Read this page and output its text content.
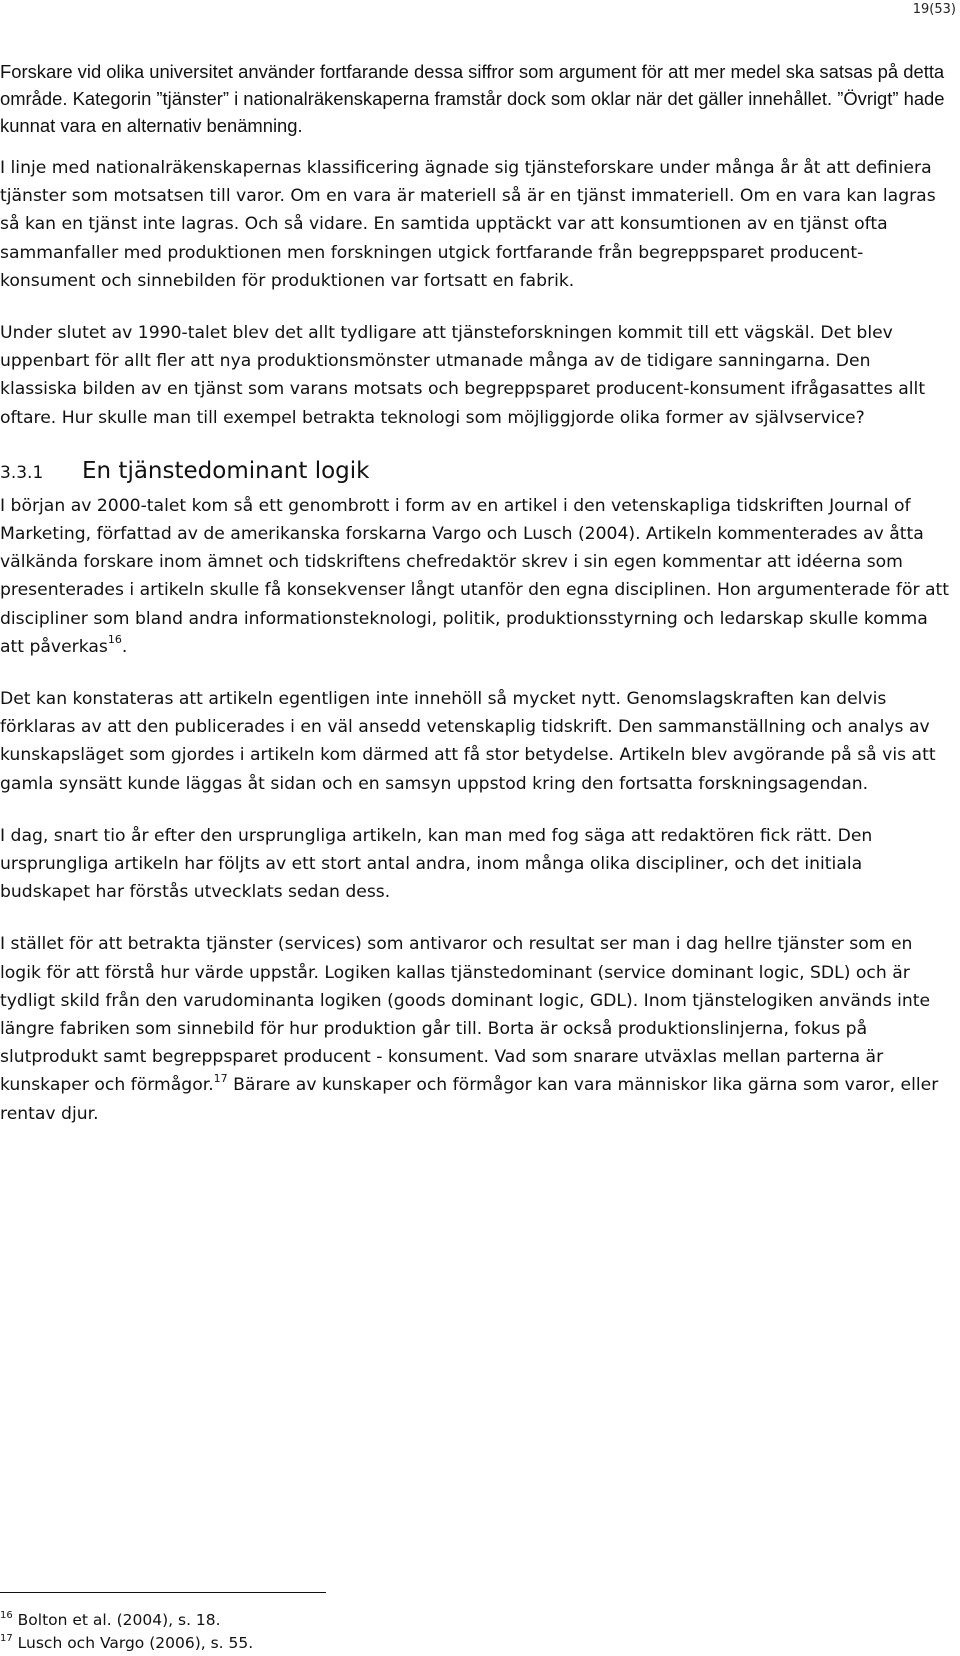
19(53)

Forskare vid olika universitet använder fortfarande dessa siffror som argument för att mer medel ska satsas på detta område. Kategorin ”tjänster” i nationalräkenskaperna framstår dock som oklar när det gäller innehållet. ”Övrigt” hade kunnat vara en alternativ benämning.

I linje med nationalräkenskapernas klassificering ägnade sig tjänsteforskare under många år åt att definiera tjänster som motsatsen till varor. Om en vara är materiell så är en tjänst immateriell. Om en vara kan lagras så kan en tjänst inte lagras. Och så vidare. En samtida upptäckt var att konsumtionen av en tjänst ofta sammanfaller med produktionen men forskningen utgick fortfarande från begreppsparet producent-konsument och sinnebilden för produktionen var fortsatt en fabrik.

Under slutet av 1990-talet blev det allt tydligare att tjänsteforskningen kommit till ett vägskäl. Det blev uppenbart för allt fler att nya produktionsmönster utmanade många av de tidigare sanningarna. Den klassiska bilden av en tjänst som varans motsats och begreppsparet producent-konsument ifrågasattes allt oftare. Hur skulle man till exempel betrakta teknologi som möjliggjorde olika former av självservice?

3.3.1	En tjänstedominant logik

I början av 2000-talet kom så ett genombrott i form av en artikel i den vetenskapliga tidskriften Journal of Marketing, författad av de amerikanska forskarna Vargo och Lusch (2004). Artikeln kommenterades av åtta välkända forskare inom ämnet och tidskriftens chefredaktör skrev i sin egen kommentar att idéerna som presenterades i artikeln skulle få konsekvenser långt utanför den egna disciplinen. Hon argumenterade för att discipliner som bland andra informationsteknologi, politik, produktionsstyrning och ledarskap skulle komma att påverkas$^{16}$.

Det kan konstateras att artikeln egentligen inte innehöll så mycket nytt. Genomslagskraften kan delvis förklaras av att den publicerades i en väl ansedd vetenskaplig tidskrift. Den sammanställning och analys av kunskapsläget som gjordes i artikeln kom därmed att få stor betydelse. Artikeln blev avgörande på så vis att gamla synsätt kunde läggas åt sidan och en samsyn uppstod kring den fortsatta forskningsagendan.

I dag, snart tio år efter den ursprungliga artikeln, kan man med fog säga att redaktören fick rätt. Den ursprungliga artikeln har följts av ett stort antal andra, inom många olika discipliner, och det initiala budskapet har förstås utvecklats sedan dess.

I stället för att betrakta tjänster (services) som antivaror och resultat ser man i dag hellre tjänster som en logik för att förstå hur värde uppstår. Logiken kallas tjänstedominant (service dominant logic, SDL) och är tydligt skild från den varudominanta logiken (goods dominant logic, GDL). Inom tjänstelogiken används inte längre fabriken som sinnebild för hur produktion går till. Borta är också produktionslinjerna, fokus på slutprodukt samt begreppsparet producent - konsument. Vad som snarare utväxlas mellan parterna är kunskaper och förmågor.$^{17}$ Bärare av kunskaper och förmågor kan vara människor lika gärna som varor, eller rentav djur.

$^{16}$ Bolton et al. (2004), s. 18.
$^{17}$ Lusch och Vargo (2006), s. 55.
